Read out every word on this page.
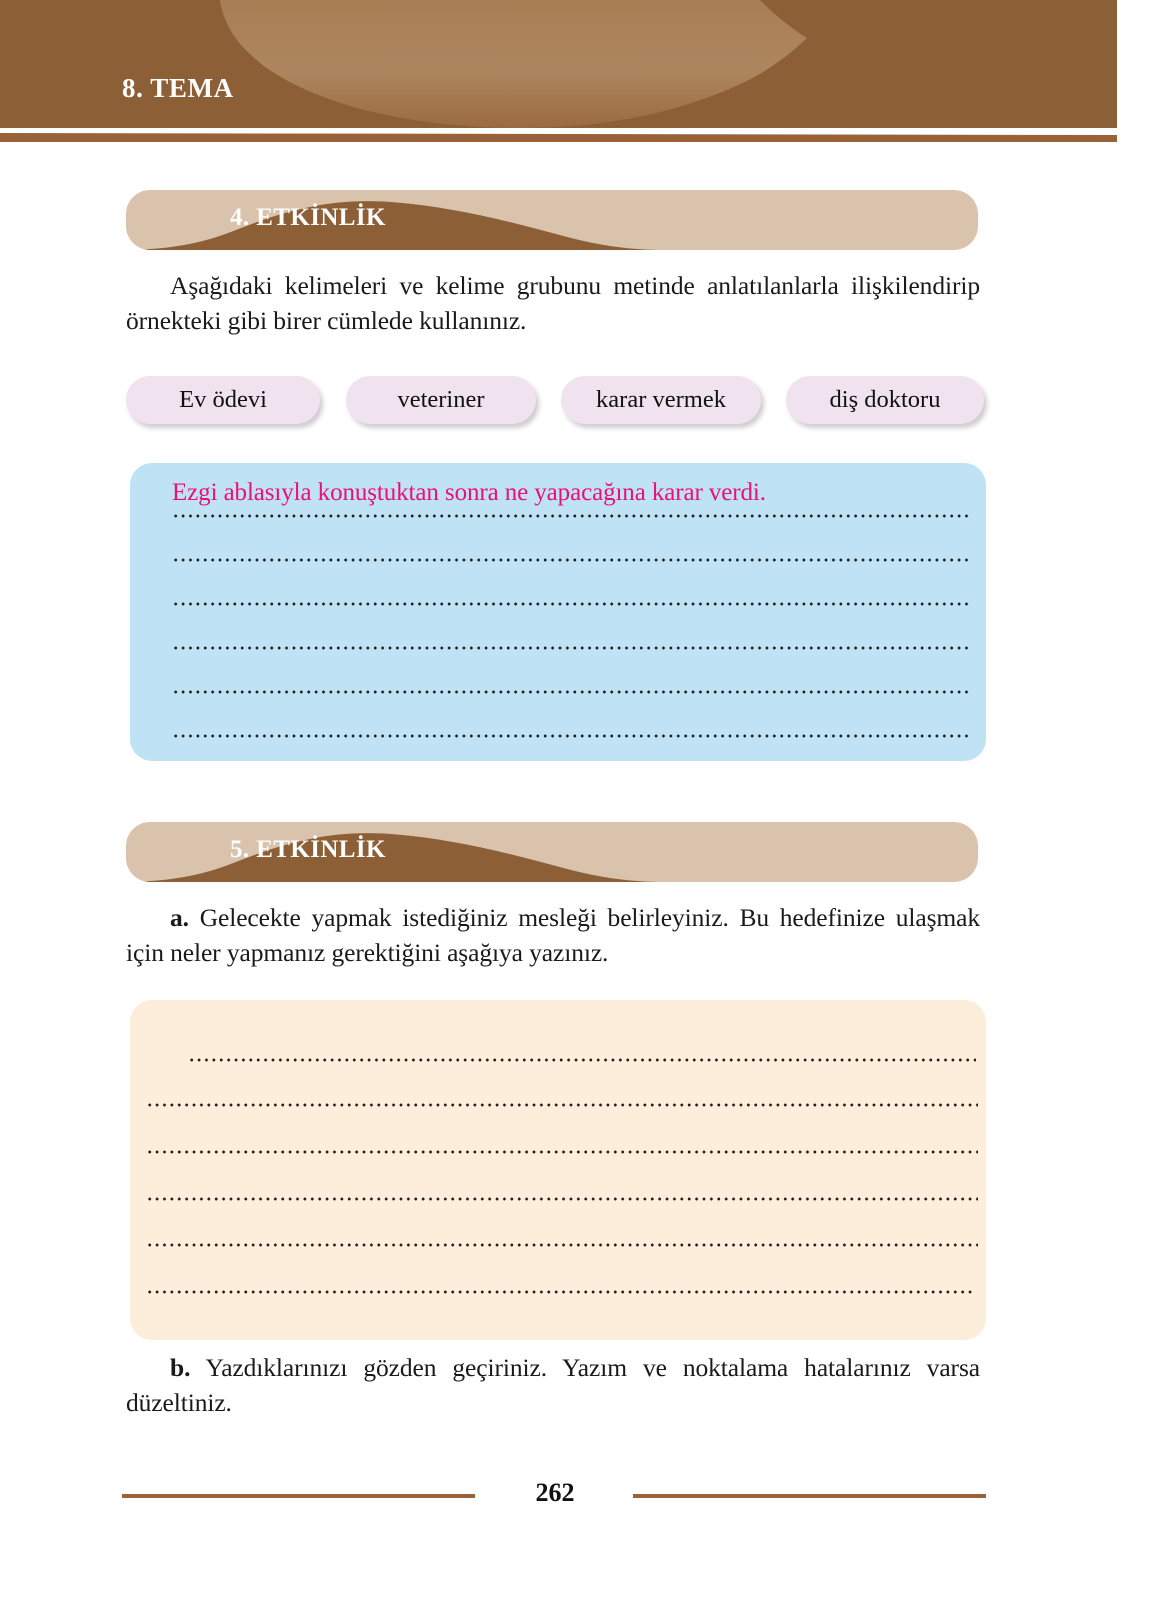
8. TEMA
4. ETKİNLİK
Aşağıdaki kelimeleri ve kelime grubunu metinde anlatılanlarla ilişkilendirip örnekteki gibi birer cümlede kullanınız.
Ev ödevi	veteriner	karar vermek	diş doktoru
Ezgi ablasıyla konuştuktan sonra ne yapacağına karar verdi.
5. ETKİNLİK
a. Gelecekte yapmak istediğiniz mesleği belirleyiniz. Bu hedefinize ulaşmak için neler yapmanız gerektiğini aşağıya yazınız.
b. Yazdıklarınızı gözden geçiriniz. Yazım ve noktalama hatalarınız varsa düzeltiniz.
262
